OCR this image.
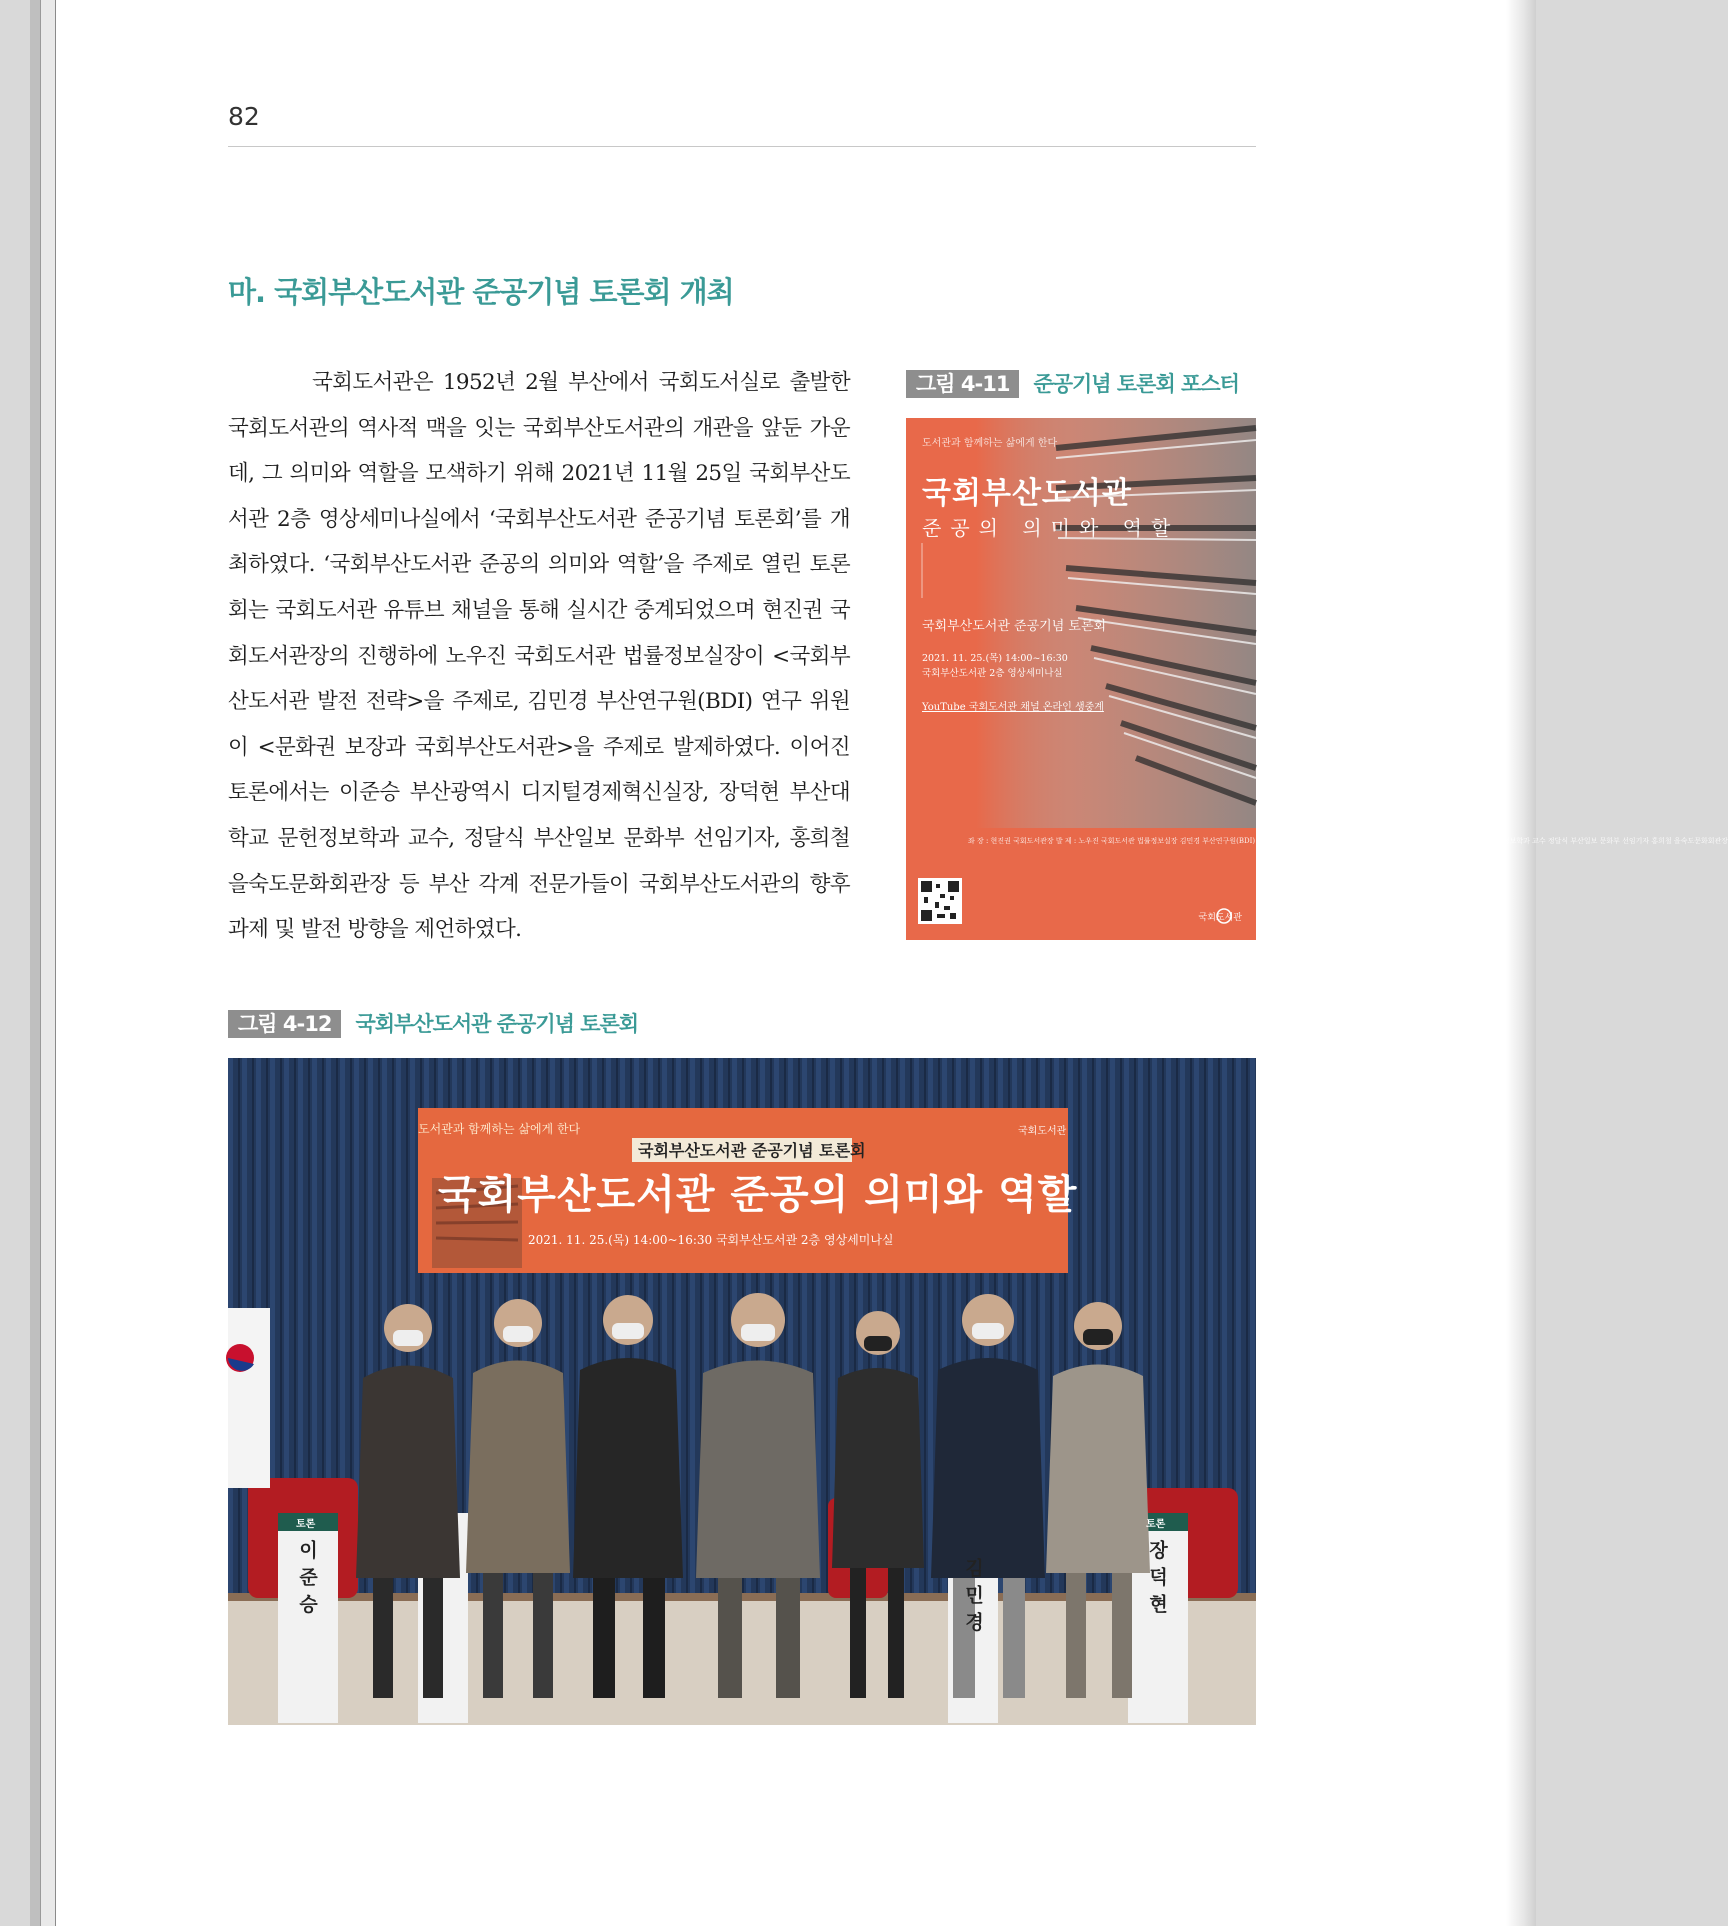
82
마. 국회부산도서관 준공기념 토론회 개최

국회도서관은 1952년 2월 부산에서 국회도서실로 출발한 국회도서관의 역사적 맥을 잇는 국회부산도서관의 개관을 앞둔 가운데, 그 의미와 역할을 모색하기 위해 2021년 11월 25일 국회부산도서관 2층 영상세미나실에서 ‘국회부산도서관 준공기념 토론회’를 개최하였다. ‘국회부산도서관 준공의 의미와 역할’을 주제로 열린 토론회는 국회도서관 유튜브 채널을 통해 실시간 중계되었으며 현진권 국회도서관장의 진행하에 노우진 국회도서관 법률정보실장이 <국회부산도서관 발전 전략>을 주제로, 김민경 부산연구원(BDI) 연구 위원이 <문화권 보장과 국회부산도서관>을 주제로 발제하였다. 이어진 토론에서는 이준승 부산광역시 디지털경제혁신실장, 장덕현 부산대학교 문헌정보학과 교수, 정달식 부산일보 문화부 선임기자, 홍희철 을숙도문화회관장 등 부산 각계 전문가들이 국회부산도서관의 향후 과제 및 발전 방향을 제언하였다.

그림 4-11 준공기념 토론회 포스터
도서관과 함께하는 삶에게 한다
국회부산도서관
준공의 의미와 역할
국회부산도서관 준공기념 토론회
2021. 11. 25.(목) 14:00~16:30
국회부산도서관 2층 영상세미나실
YouTube 국회도서관 채널 온라인 생중계
좌 장 : 현진권 국회도서관장 발 제 : 노우진 국회도서관 법률정보실장 김민경 부산연구원(BDI) 연구위원 토 론 : 이준승 부산광역시 디지털경제혁신실장 장덕현 부산대학교 문헌정보학과 교수 정달식 부산일보 문화부 선임기자 홍희철 을숙도문화회관장
국회도서관
그림 4-12 국회부산도서관 준공기념 토론회
도서관과 함께하는 삶에게 한다
국회부산도서관 준공기념 토론회
국회부산도서관 준공의 의미와 역할
2021. 11. 25.(목) 14:00~16:30 국회부산도서관 2층 영상세미나실
국회도서관
토론
이준승	김민경
토론
장덕현
